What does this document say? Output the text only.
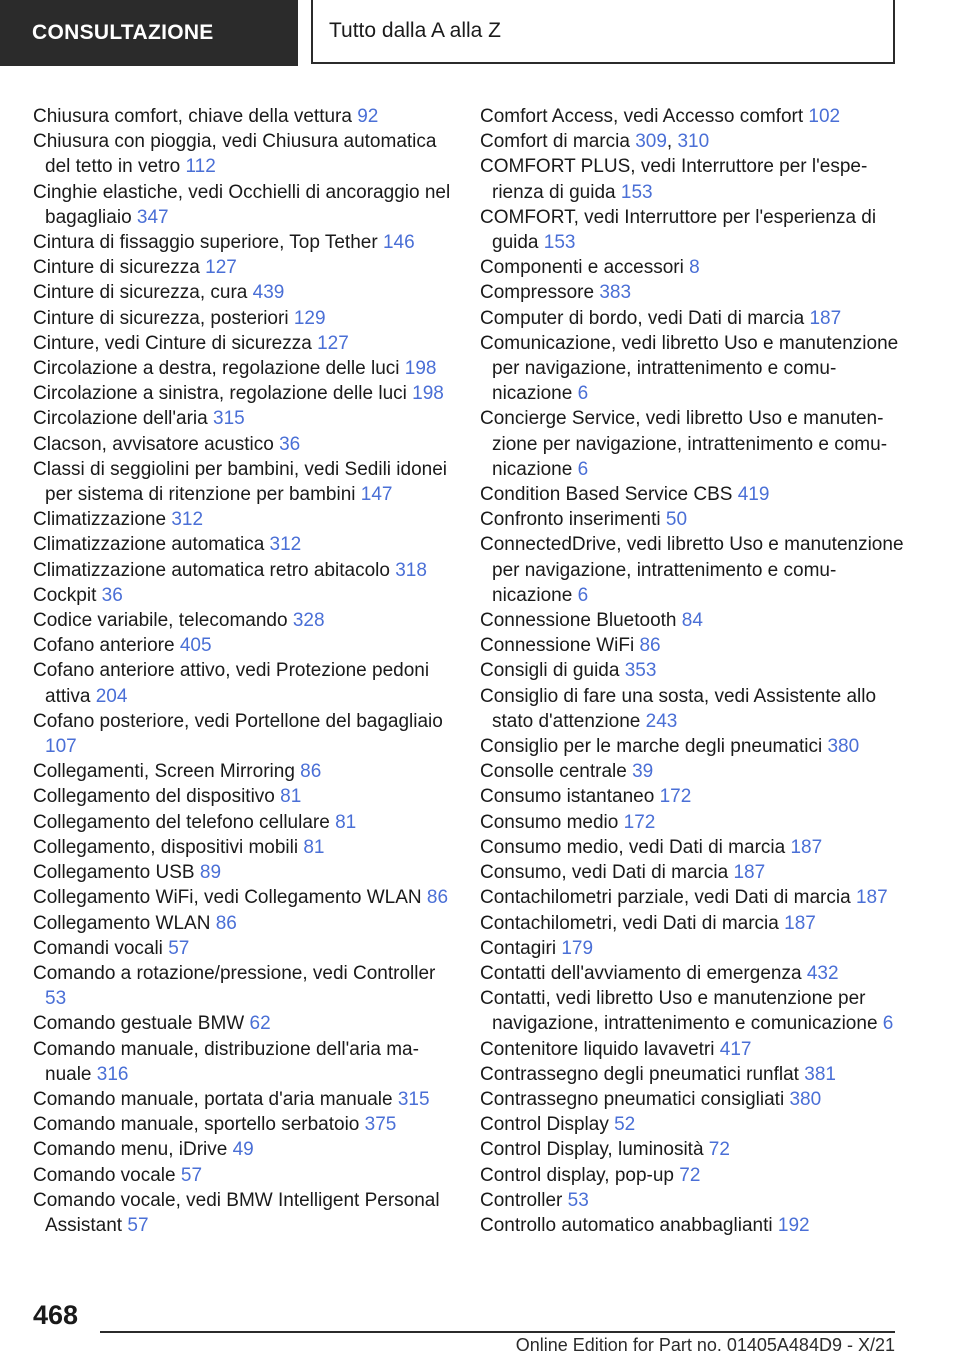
CONSULTAZIONE	Tutto dalla A alla Z
Chiusura comfort, chiave della vettura 92
Chiusura con pioggia, vedi Chiusura automatica del tetto in vetro 112
Cinghie elastiche, vedi Occhielli di ancoraggio nel bagagliaio 347
Cintura di fissaggio superiore, Top Tether 146
Cinture di sicurezza 127
Cinture di sicurezza, cura 439
Cinture di sicurezza, posteriori 129
Cinture, vedi Cinture di sicurezza 127
Circolazione a destra, regolazione delle luci 198
Circolazione a sinistra, regolazione delle luci 198
Circolazione dell'aria 315
Clacson, avvisatore acustico 36
Classi di seggiolini per bambini, vedi Sedili idonei per sistema di ritenzione per bambini 147
Climatizzazione 312
Climatizzazione automatica 312
Climatizzazione automatica retro abitacolo 318
Cockpit 36
Codice variabile, telecomando 328
Cofano anteriore 405
Cofano anteriore attivo, vedi Protezione pedoni attiva 204
Cofano posteriore, vedi Portellone del bagagliaio 107
Collegamenti, Screen Mirroring 86
Collegamento del dispositivo 81
Collegamento del telefono cellulare 81
Collegamento, dispositivi mobili 81
Collegamento USB 89
Collegamento WiFi, vedi Collegamento WLAN 86
Collegamento WLAN 86
Comandi vocali 57
Comando a rotazione/pressione, vedi Controller 53
Comando gestuale BMW 62
Comando manuale, distribuzione dell'aria manuale 316
Comando manuale, portata d'aria manuale 315
Comando manuale, sportello serbatoio 375
Comando menu, iDrive 49
Comando vocale 57
Comando vocale, vedi BMW Intelligent Personal Assistant 57
Comfort Access, vedi Accesso comfort 102
Comfort di marcia 309, 310
COMFORT PLUS, vedi Interruttore per l'esperienza di guida 153
COMFORT, vedi Interruttore per l'esperienza di guida 153
Componenti e accessori 8
Compressore 383
Computer di bordo, vedi Dati di marcia 187
Comunicazione, vedi libretto Uso e manutenzione per navigazione, intrattenimento e comunicazione 6
Concierge Service, vedi libretto Uso e manutenzione per navigazione, intrattenimento e comunicazione 6
Condition Based Service CBS 419
Confronto inserimenti 50
ConnectedDrive, vedi libretto Uso e manutenzione per navigazione, intrattenimento e comunicazione 6
Connessione Bluetooth 84
Connessione WiFi 86
Consigli di guida 353
Consiglio di fare una sosta, vedi Assistente allo stato d'attenzione 243
Consiglio per le marche degli pneumatici 380
Consolle centrale 39
Consumo istantaneo 172
Consumo medio 172
Consumo medio, vedi Dati di marcia 187
Consumo, vedi Dati di marcia 187
Contachilometri parziale, vedi Dati di marcia 187
Contachilometri, vedi Dati di marcia 187
Contagiri 179
Contatti dell'avviamento di emergenza 432
Contatti, vedi libretto Uso e manutenzione per navigazione, intrattenimento e comunicazione 6
Contenitore liquido lavavetri 417
Contrassegno degli pneumatici runflat 381
Contrassegno pneumatici consigliati 380
Control Display 52
Control Display, luminosità 72
Control display, pop-up 72
Controller 53
Controllo automatico anabbaglianti 192
468
Online Edition for Part no. 01405A484D9 - X/21
